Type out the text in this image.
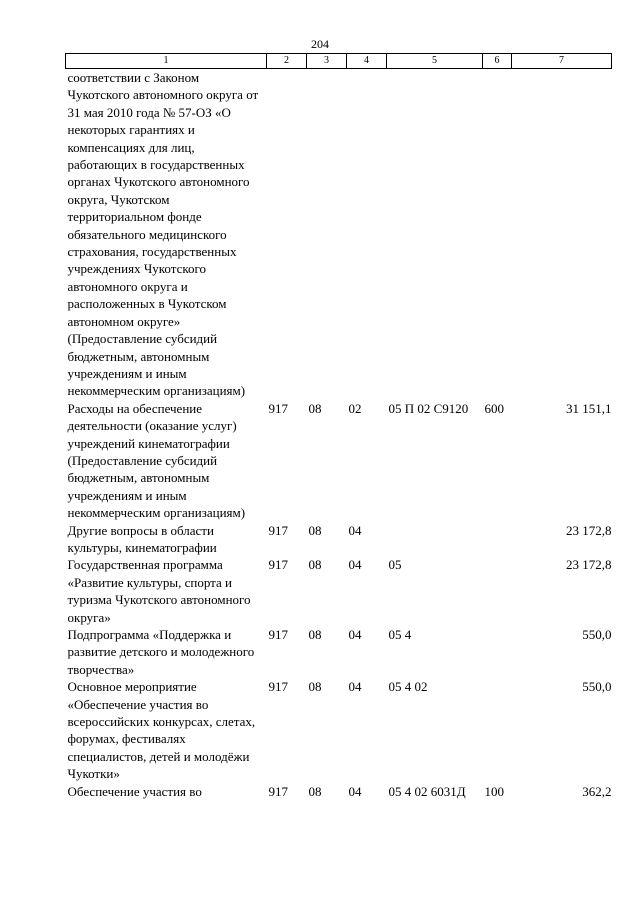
204
1	2	3	4	5	6	7
соответствии с Законом Чукотского автономного округа от 31 мая 2010 года № 57-ОЗ «О некоторых гарантиях и компенсациях для лиц, работающих в государственных органах Чукотского автономного округа, Чукотском территориальном фонде обязательного медицинского страхования, государственных учреждениях Чукотского автономного округа и расположенных в Чукотском автономном округе» (Предоставление субсидий бюджетным, автономным учреждениям и иным некоммерческим организациям)						
Расходы на обеспечение деятельности (оказание услуг) учреждений кинематографии (Предоставление субсидий бюджетным, автономным учреждениям и иным некоммерческим организациям)	917	08	02	05 П 02 С9120	600	31 151,1
Другие вопросы в области культуры, кинематографии	917	08	04			23 172,8
Государственная программа «Развитие культуры, спорта и туризма Чукотского автономного округа»	917	08	04	05		23 172,8
Подпрограмма «Поддержка и развитие детского и молодежного творчества»	917	08	04	05 4		550,0
Основное мероприятие «Обеспечение участия во всероссийских конкурсах, слетах, форумах, фестивалях специалистов, детей и молодёжи Чукотки»	917	08	04	05 4 02		550,0
Обеспечение участия во	917	08	04	05 4 02 6031Д	100	362,2
